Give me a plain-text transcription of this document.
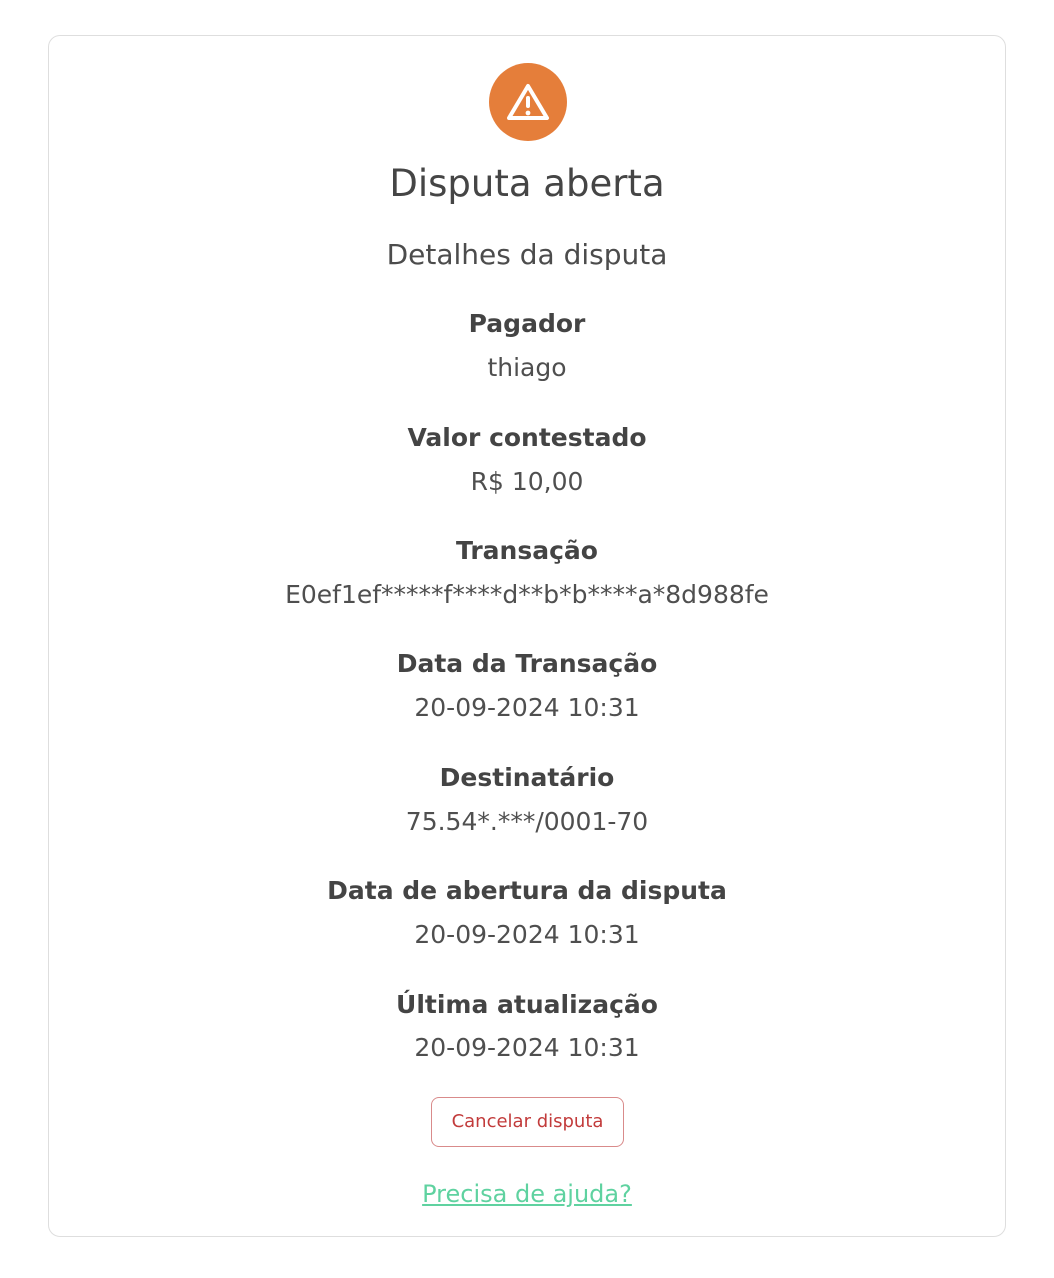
Disputa aberta
Detalhes da disputa
Pagador
thiago
Valor contestado
R$ 10,00
Transação
E0ef1ef*****f****d**b*b****a*8d988fe
Data da Transação
20-09-2024 10:31
Destinatário
75.54*.***/0001-70
Data de abertura da disputa
20-09-2024 10:31
Última atualização
20-09-2024 10:31
Cancelar disputa
Precisa de ajuda?
